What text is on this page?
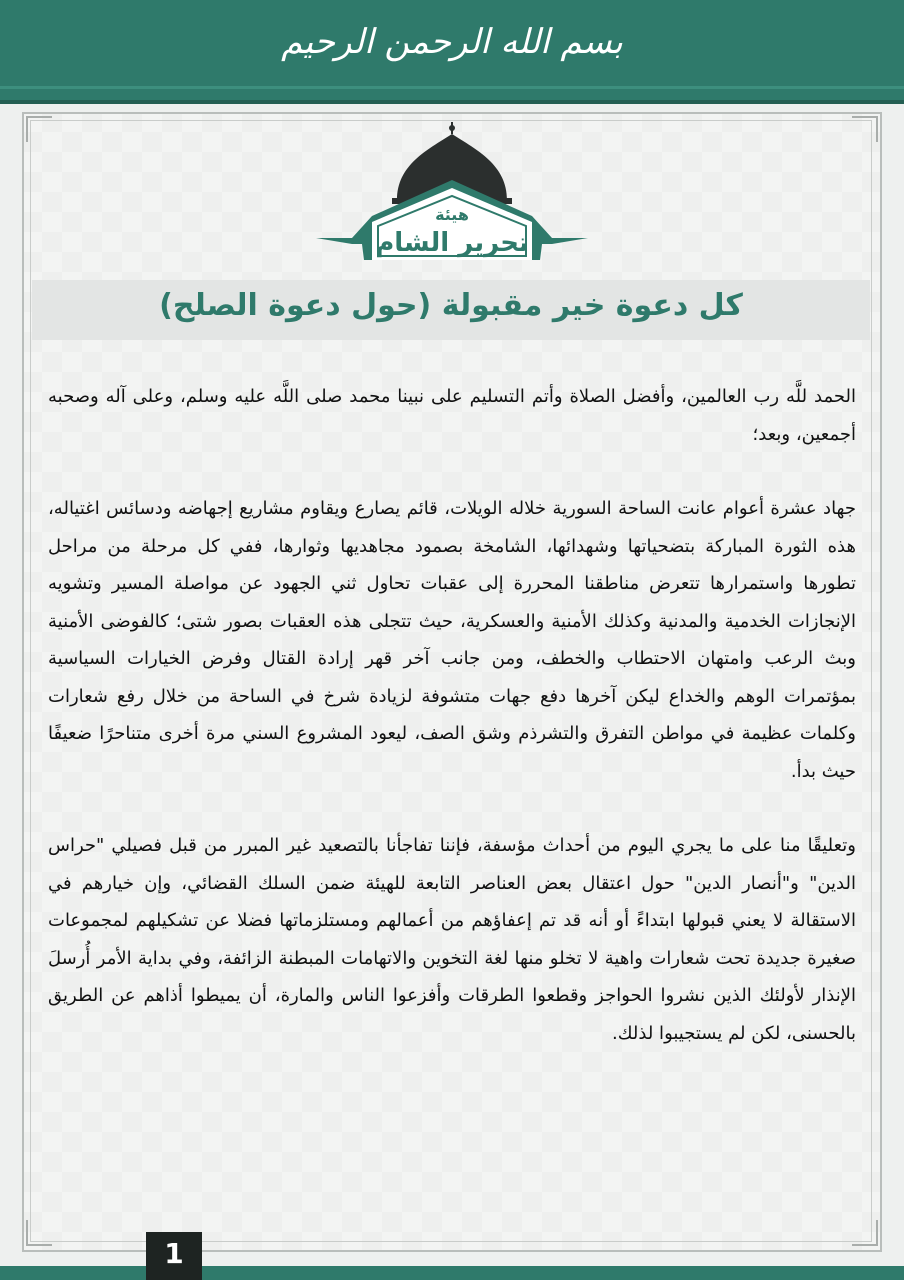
بسم الله الرحمن الرحيم
هيئة
تحرير الشام
كل دعوة خير مقبولة (حول دعوة الصلح)

الحمد للَّه رب العالمين، وأفضل الصلاة وأتم التسليم على نبينا محمد صلى اللَّه عليه وسلم، وعلى آله وصحبه أجمعين، وبعد؛

جهاد عشرة أعوام عانت الساحة السورية خلاله الويلات، قائم يصارع ويقاوم مشاريع إجهاضه ودسائس اغتياله، هذه الثورة المباركة بتضحياتها وشهدائها، الشامخة بصمود مجاهديها وثوارها، ففي كل مرحلة من مراحل تطورها واستمرارها تتعرض مناطقنا المحررة إلى عقبات تحاول ثني الجهود عن مواصلة المسير وتشويه الإنجازات الخدمية والمدنية وكذلك الأمنية والعسكرية، حيث تتجلى هذه العقبات بصور شتى؛ كالفوضى الأمنية وبث الرعب وامتهان الاحتطاب والخطف، ومن جانب آخر قهر إرادة القتال وفرض الخيارات السياسية بمؤتمرات الوهم والخداع ليكن آخرها دفع جهات متشوفة لزيادة شرخ في الساحة من خلال رفع شعارات وكلمات عظيمة في مواطن التفرق والتشرذم وشق الصف، ليعود المشروع السني مرة أخرى متناحرًا ضعيفًا حيث بدأ.

وتعليقًا منا على ما يجري اليوم من أحداث مؤسفة، فإننا تفاجأنا بالتصعيد غير المبرر من قبل فصيلي "حراس الدين" و"أنصار الدين" حول اعتقال بعض العناصر التابعة للهيئة ضمن السلك القضائي، وإن خيارهم في الاستقالة لا يعني قبولها ابتداءً أو أنه قد تم إعفاؤهم من أعمالهم ومستلزماتها فضلا عن تشكيلهم لمجموعات صغيرة جديدة تحت شعارات واهية لا تخلو منها لغة التخوين والاتهامات المبطنة الزائفة، وفي بداية الأمر أُرسلَ الإنذار لأولئك الذين نشروا الحواجز وقطعوا الطرقات وأفزعوا الناس والمارة، أن يميطوا أذاهم عن الطريق بالحسنى، لكن لم يستجيبوا لذلك.

1
